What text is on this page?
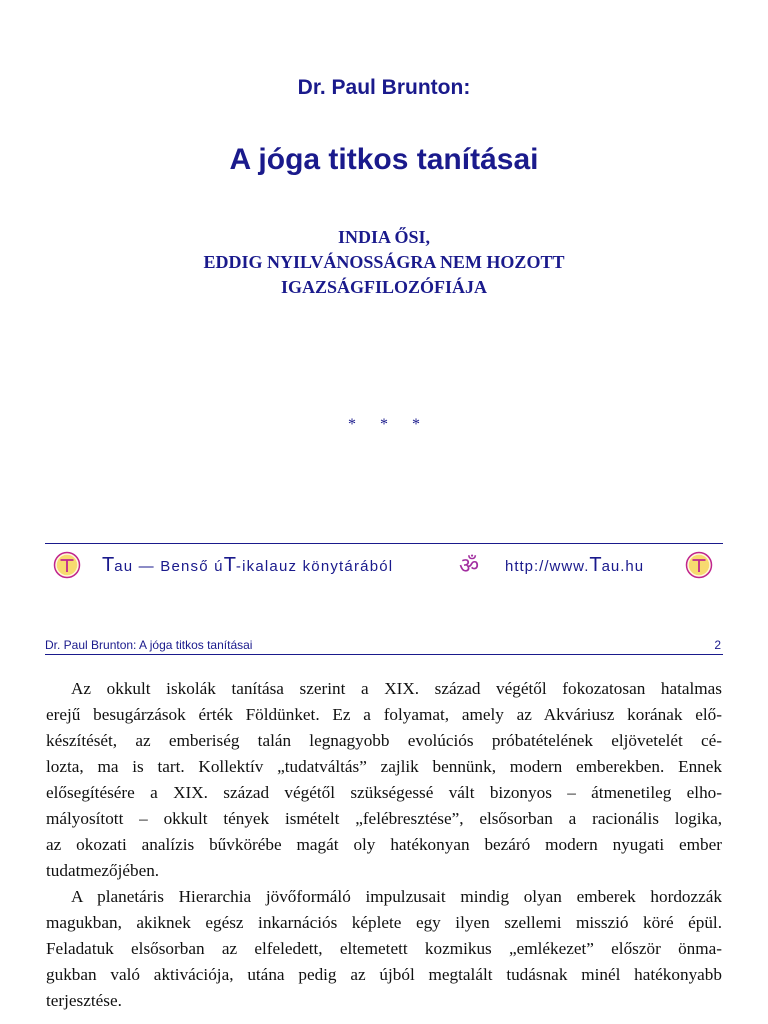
Dr. Paul Brunton:
A jóga titkos tanításai
INDIA ŐSI,
EDDIG NYILVÁNOSSÁGRA NEM HOZOTT
IGAZSÁGFILOZÓFIÁJA
* * *
Tau — Benső úT-ikalauz könytárából	ॐ http://www.Tau.hu
Dr. Paul Brunton: A jóga titkos tanításai	2
Az okkult iskolák tanítása szerint a XIX. század végétől fokozatosan hatalmas
erejű besugárzások érték Földünket. Ez a folyamat, amely az Akváriusz korának elő-
készítését, az emberiség talán legnagyobb evolúciós próbatételének eljövetelét cé-
lozta, ma is tart. Kollektív „tudatváltás” zajlik bennünk, modern emberekben. Ennek
elősegítésére a XIX. század végétől szükségessé vált bizonyos – átmenetileg elho-
mályosított – okkult tények ismételt „felébresztése”, elsősorban a racionális logika,
az okozati analízis bűvkörébe magát oly hatékonyan bezáró modern nyugati ember
tudatmezőjében.
A planetáris Hierarchia jövőformáló impulzusait mindig olyan emberek hordozzák
magukban, akiknek egész inkarnációs képlete egy ilyen szellemi misszió köré épül.
Feladatuk elsősorban az elfeledett, eltemetett kozmikus „emlékezet” először önma-
gukban való aktivációja, utána pedig az újból megtalált tudásnak minél hatékonyabb
terjesztése.
